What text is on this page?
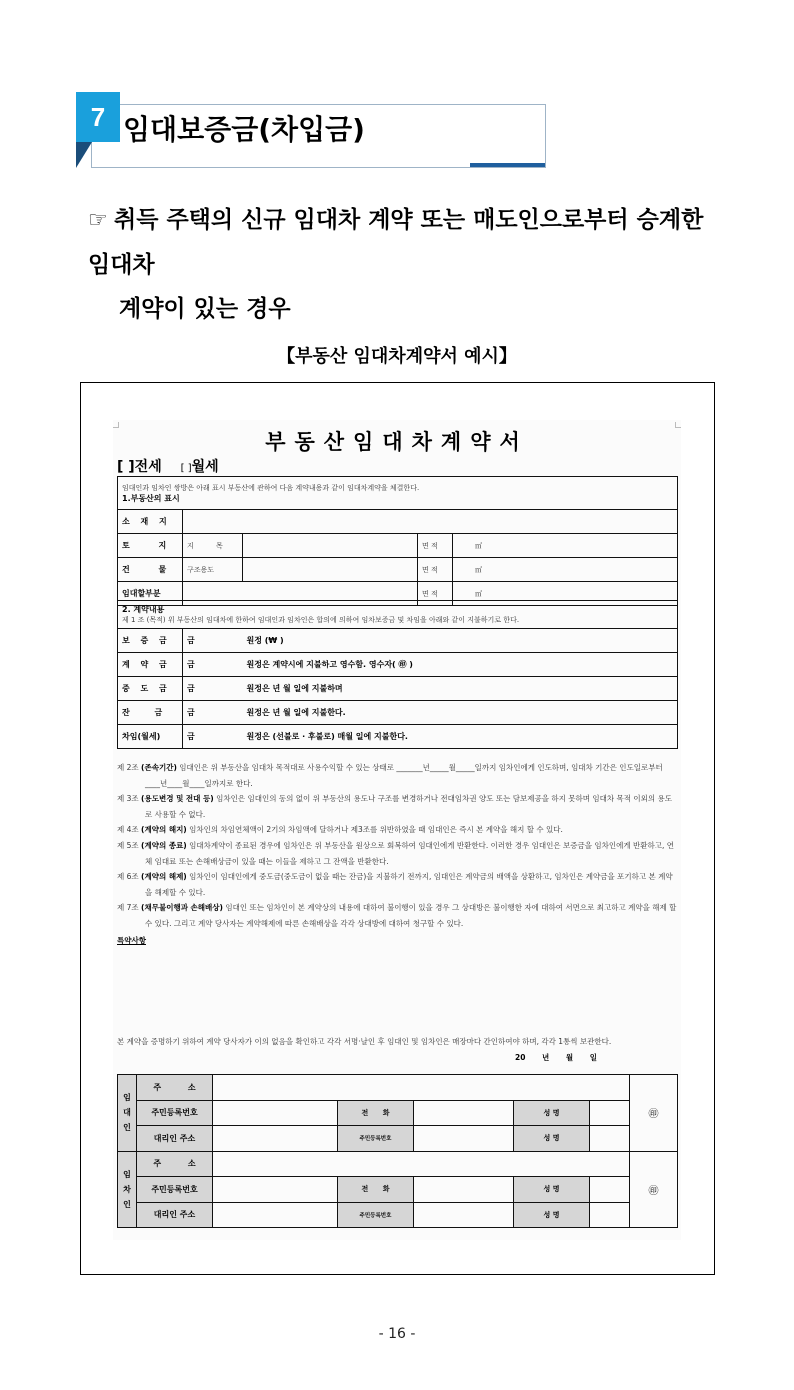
7 임대보증금(차입금)
☞ 취득 주택의 신규 임대차 계약 또는 매도인으로부터 승계한 임대차
계약이 있는 경우
【부동산 임대차계약서 예시】
부동산임대차계약서
[ ]전세 [ ]월세
임대인과 임차인 쌍방은 아래 표시 부동산에 관하여 다음 계약내용과 같이 임대차계약을 체결한다.
1.부동산의 표시				

소 재 지				
토 지	지 목		면 적	㎡
건 물	구조용도		면 적	㎡
임대할부분			면 적	㎡
2. 계약내용
제 1 조 (목적) 위 부동산의 임대차에 한하여 임대인과 임차인은 합의에 의하여 임차보증금 및 차임을 아래와 같이 지불하기로 한다.		

보 증 금	금	원정 (₩ )
계 약 금	금	원정은 계약시에 지불하고 영수함. 영수자( ㊞ )
중 도 금	금	원정은 년 월 일에 지불하며
잔 금	금	원정은 년 월 일에 지불한다.
차임(월세)	금	원정은 (선불로 · 후불로) 매월 일에 지불한다.
제 2조 (존속기간) 임대인은 위 부동산을 임대차 목적대로 사용수익할 수 있는 상태로 _______년_____월_____일까지 임차인에게 인도하며, 임대차 기간은 인도일로부터 ____년____월____일까지로 한다.
제 3조 (용도변경 및 전대 등) 임차인은 임대인의 동의 없이 위 부동산의 용도나 구조를 변경하거나 전대임차권 양도 또는 담보제공을 하지 못하며 임대차 목적 이외의 용도로 사용할 수 없다.
제 4조 (계약의 해지) 임차인의 차임연체액이 2기의 차임액에 달하거나 제3조를 위반하였을 때 임대인은 즉시 본 계약을 해지 할 수 있다.
제 5조 (계약의 종료) 임대차계약이 종료된 경우에 임차인은 위 부동산을 원상으로 회복하여 임대인에게 반환한다. 이러한 경우 임대인은 보증금을 임차인에게 반환하고, 연체 임대료 또는 손해배상금이 있을 때는 이들을 제하고 그 잔액을 반환한다.
제 6조 (계약의 해제) 임차인이 임대인에게 중도금(중도금이 없을 때는 잔금)을 지불하기 전까지, 임대인은 계약금의 배액을 상환하고, 임차인은 계약금을 포기하고 본 계약을 해제할 수 있다.
제 7조 (채무불이행과 손해배상) 임대인 또는 임차인이 본 계약상의 내용에 대하여 불이행이 있을 경우 그 상대방은 불이행한 자에 대하여 서면으로 최고하고 계약을 해제 할 수 있다. 그리고 계약 당사자는 계약해제에 따른 손해배상을 각각 상대방에 대하여 청구할 수 있다.
특약사항
본 계약을 증명하기 위하여 계약 당사자가 이의 없음을 확인하고 각각 서명·날인 후 임대인 및 임차인은 매장마다 간인하여야 하며, 각각 1통씩 보관한다.
20 년 월 일
임대인	주 소						㊞
	주민등록번호		전 화		성 명		
	대리인 주소		주민등록번호		성 명		
임차인	주 소						㊞
	주민등록번호		전 화		성 명		
	대리인 주소		주민등록번호		성 명		
- 16 -
